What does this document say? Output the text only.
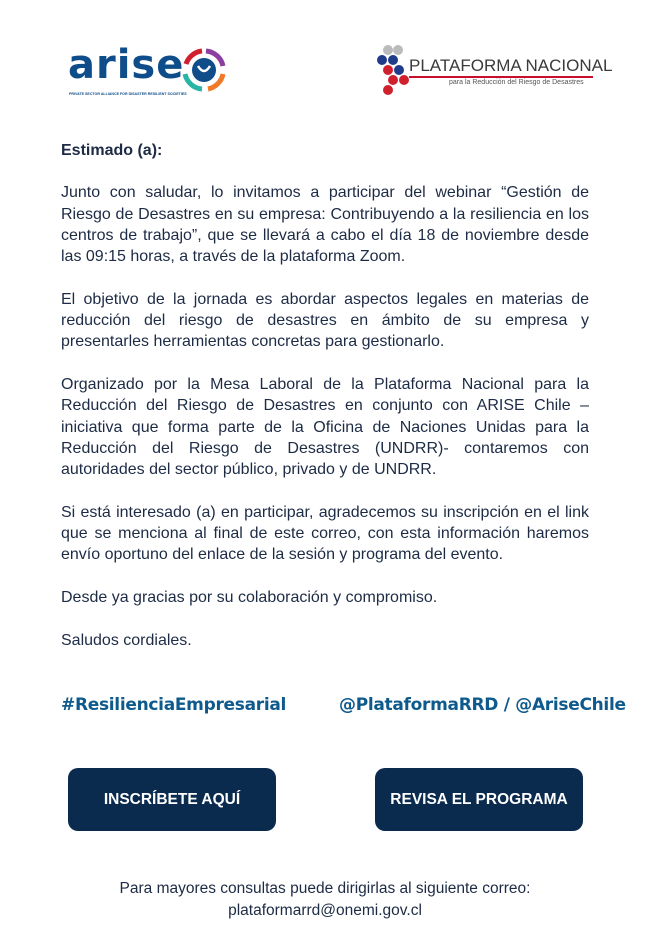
arise
PRIVATE SECTOR ALLIANCE FOR DISASTER RESILIENT SOCIETIES
PLATAFORMA NACIONAL
para la Reducción del Riesgo de Desastres

Estimado (a):

Junto con saludar, lo invitamos a participar del webinar “Gestión de Riesgo de Desastres en su empresa: Contribuyendo a la resiliencia en los centros de trabajo”, que se llevará a cabo el día 18 de noviembre desde las 09:15 horas, a través de la plataforma Zoom.

El objetivo de la jornada es abordar aspectos legales en materias de reducción del riesgo de desastres en ámbito de su empresa y presentarles herramientas concretas para gestionarlo.

Organizado por la Mesa Laboral de la Plataforma Nacional para la Reducción del Riesgo de Desastres en conjunto con ARISE Chile – iniciativa que forma parte de la Oficina de Naciones Unidas para la Reducción del Riesgo de Desastres (UNDRR)- contaremos con autoridades del sector público, privado y de UNDRR.

Si está interesado (a) en participar, agradecemos su inscripción en el link que se menciona al final de este correo, con esta información haremos envío oportuno del enlace de la sesión y programa del evento.

Desde ya gracias por su colaboración y compromiso.

Saludos cordiales.

#ResilienciaEmpresarial	@PlataformaRRD / @AriseChile
INSCRÍBETE AQUÍ	REVISA EL PROGRAMA
Para mayores consultas puede dirigirlas al siguiente correo:
plataformarrd@onemi.gov.cl
